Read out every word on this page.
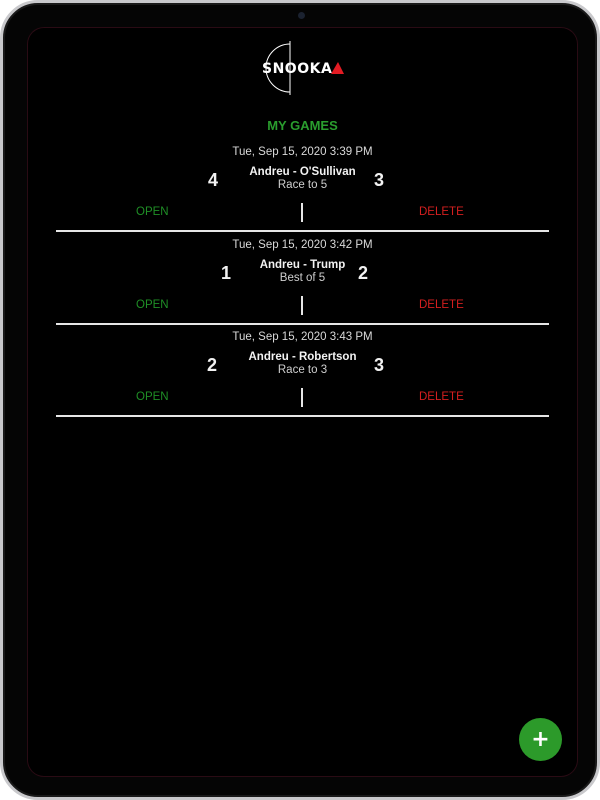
SNOOKA
MY GAMES
Tue, Sep 15, 2020 3:39 PM
4	Andreu - O'Sullivan
Race to 5	3
OPEN	DELETE
Tue, Sep 15, 2020 3:42 PM
1	Andreu - Trump
Best of 5	2
OPEN	DELETE
Tue, Sep 15, 2020 3:43 PM
2	Andreu - Robertson
Race to 3	3
OPEN	DELETE
+
